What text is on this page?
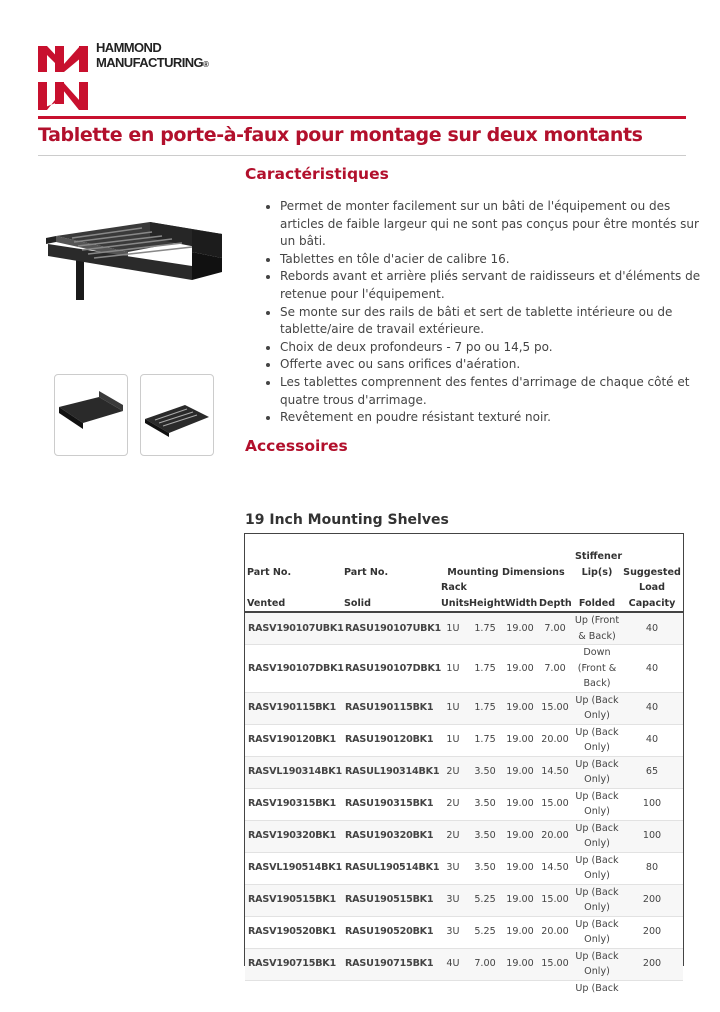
HAMMOND
MANUFACTURING®
Tablette en porte-à-faux pour montage sur deux montants
Caractéristiques
• Permet de monter facilement sur un bâti de l'équipement ou des articles de faible largeur qui ne sont pas conçus pour être montés sur un bâti.
• Tablettes en tôle d'acier de calibre 16.
• Rebords avant et arrière pliés servant de raidisseurs et d'éléments de retenue pour l'équipement.
• Se monte sur des rails de bâti et sert de tablette intérieure ou de tablette/aire de travail extérieure.
• Choix de deux profondeurs - 7 po ou 14,5 po.
• Offerte avec ou sans orifices d'aération.
• Les tablettes comprennent des fentes d'arrimage de chaque côté et quatre trous d'arrimage.
• Revêtement en poudre résistant texturé noir.
Accessoires
19 Inch Mounting Shelves
Part No.	Part No.	Mounting Dimensions				Stiffener Lip(s)	Suggested
Vented	Solid	Rack Units	Height	Width	Depth	Folded	Load Capacity
RASV190107UBK1	RASU190107UBK1	1U	1.75	19.00	7.00	Up (Front & Back)	40
RASV190107DBK1	RASU190107DBK1	1U	1.75	19.00	7.00	Down (Front & Back)	40
RASV190115BK1	RASU190115BK1	1U	1.75	19.00	15.00	Up (Back Only)	40
RASV190120BK1	RASU190120BK1	1U	1.75	19.00	20.00	Up (Back Only)	40
RASVL190314BK1	RASUL190314BK1	2U	3.50	19.00	14.50	Up (Back Only)	65
RASV190315BK1	RASU190315BK1	2U	3.50	19.00	15.00	Up (Back Only)	100
RASV190320BK1	RASU190320BK1	2U	3.50	19.00	20.00	Up (Back Only)	100
RASVL190514BK1	RASUL190514BK1	3U	3.50	19.00	14.50	Up (Back Only)	80
RASV190515BK1	RASU190515BK1	3U	5.25	19.00	15.00	Up (Back Only)	200
RASV190520BK1	RASU190520BK1	3U	5.25	19.00	20.00	Up (Back Only)	200
RASV190715BK1	RASU190715BK1	4U	7.00	19.00	15.00	Up (Back Only)	200
						Up (Back	
